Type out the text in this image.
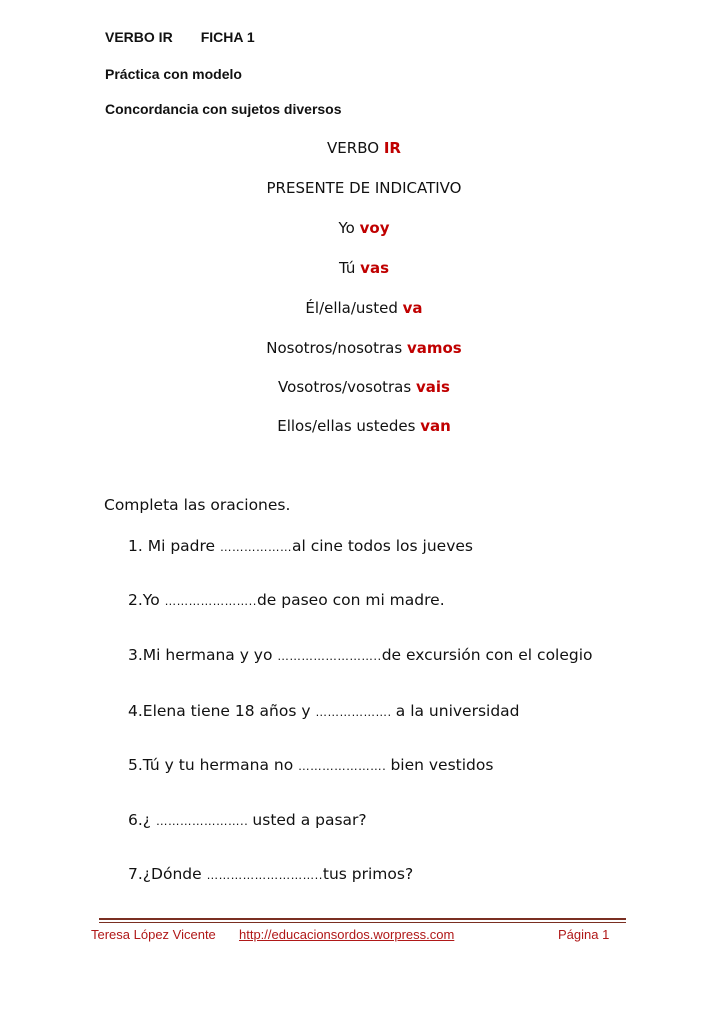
VERBO IR FICHA 1
Práctica con modelo
Concordancia con sujetos diversos
VERBO IR
PRESENTE DE INDICATIVO
Yo voy
Tú vas
Él/ella/usted va
Nosotros/nosotras vamos
Vosotros/vosotras vais
Ellos/ellas ustedes van
Completa las oraciones.
1. Mi padre ………………al cine todos los jueves
2.Yo …………………..de paseo con mi madre.
3.Mi hermana y yo ……………………..de excursión con el colegio
4.Elena tiene 18 años y ………………. a la universidad
5.Tú y tu hermana no …………………. bien vestidos
6.¿ ………………….. usted a pasar?
7.¿Dónde ………………………..tus primos?
Teresa López Vicente http://educacionsordos.worpress.com	Página 1
